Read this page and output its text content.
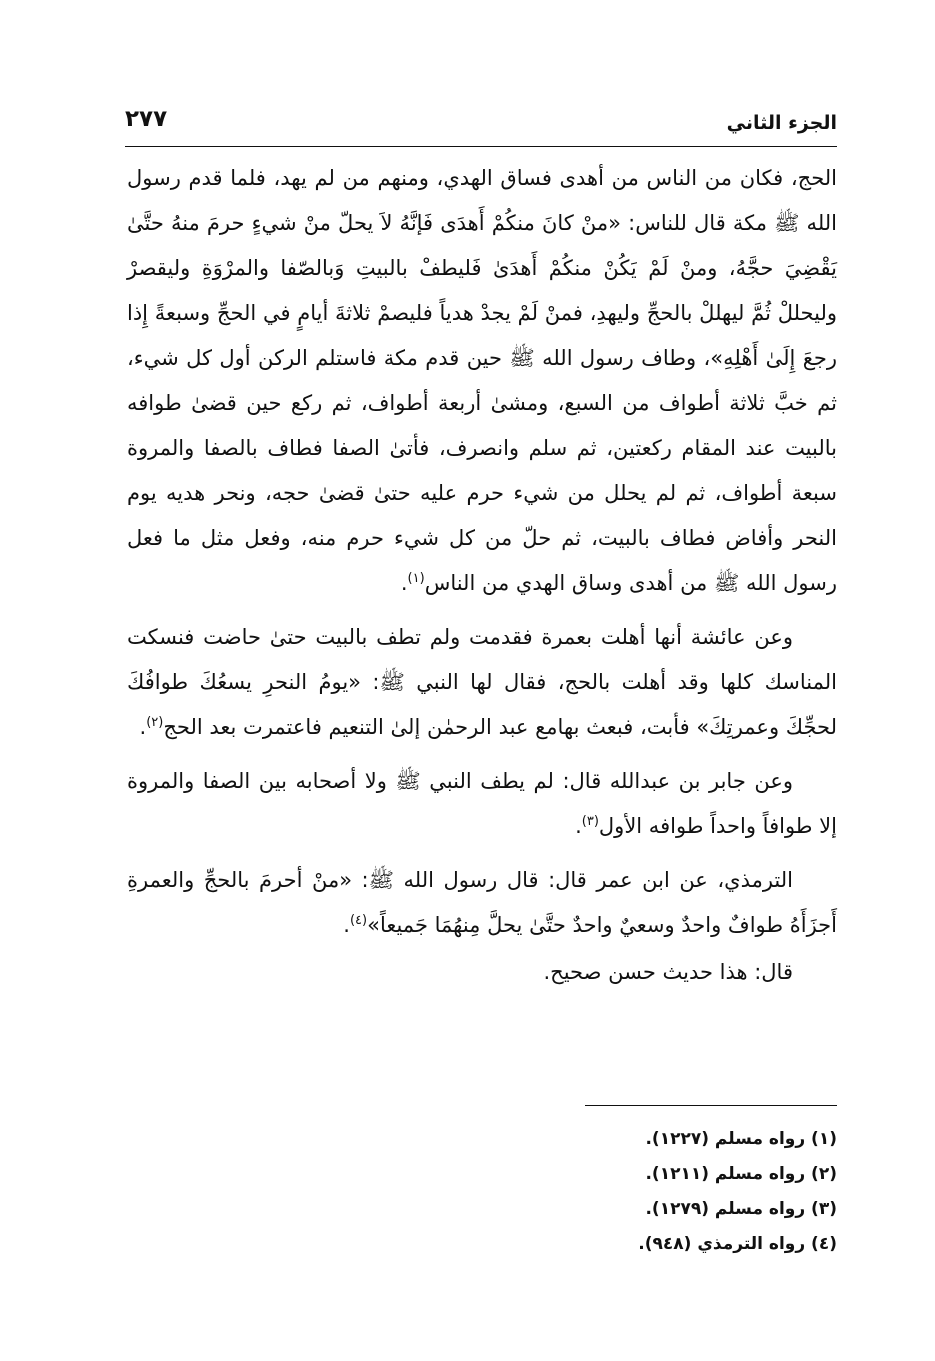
الجزء الثاني
٢٧٧

الحج، فكان من الناس من أهدى فساق الهدي، ومنهم من لم يهد، فلما قدم رسول الله ﷺ مكة قال للناس: «منْ كانَ منكُمْ أَهدَى فَإنَّهُ لاَ يحلّ منْ شيءٍ حرمَ منهُ حتَّىٰ يَقْضِيَ حجَّهُ، ومنْ لَمْ يَكُنْ منكُمْ أَهدَىٰ فَليطفْ بالبيتِ وَبالصّفا والمرْوَةِ وليقصرْ وليحللْ ثُمَّ ليهللْ بالحجِّ وليهدِ، فمنْ لَمْ يجدْ هدياً فليصمْ ثلاثةَ أيامٍ في الحجِّ وسبعةً إِذا رجعَ إِلَىٰ أَهْلِهِ»، وطاف رسول الله ﷺ حين قدم مكة فاستلم الركن أول كل شيء، ثم خبَّ ثلاثة أطواف من السبع، ومشىٰ أربعة أطواف، ثم ركع حين قضىٰ طوافه بالبيت عند المقام ركعتين، ثم سلم وانصرف، فأتىٰ الصفا فطاف بالصفا والمروة سبعة أطواف، ثم لم يحلل من شيء حرم عليه حتىٰ قضىٰ حجه، ونحر هديه يوم النحر وأفاض فطاف بالبيت، ثم حلّ من كل شيء حرم منه، وفعل مثل ما فعل رسول الله ﷺ من أهدى وساق الهدي من الناس$^{(١)}$.

وعن عائشة أنها أهلت بعمرة فقدمت ولم تطف بالبيت حتىٰ حاضت فنسكت المناسك كلها وقد أهلت بالحج، فقال لها النبي ﷺ: «يومُ النحرِ يسعُكَ طوافُكَ لحجِّكَ وعمرتِكَ» فأبت، فبعث بهامع عبد الرحمٰن إلىٰ التنعيم فاعتمرت بعد الحج$^{(٢)}$.

وعن جابر بن عبدالله قال: لم يطف النبي ﷺ ولا أصحابه بين الصفا والمروة إلا طوافاً واحداً طوافه الأول$^{(٣)}$.

الترمذي، عن ابن عمر قال: قال رسول الله ﷺ: «منْ أحرمَ بالحجِّ والعمرةِ أَجزَأَهُ طوافٌ واحدٌ وسعيٌ واحدٌ حتَّىٰ يحلَّ مِنهُمَا جَميعاً»$^{(٤)}$.

قال: هذا حديث حسن صحيح.

(١) رواه مسلم (١٢٢٧).
(٢) رواه مسلم (١٢١١).
(٣) رواه مسلم (١٢٧٩).
(٤) رواه الترمذي (٩٤٨).
